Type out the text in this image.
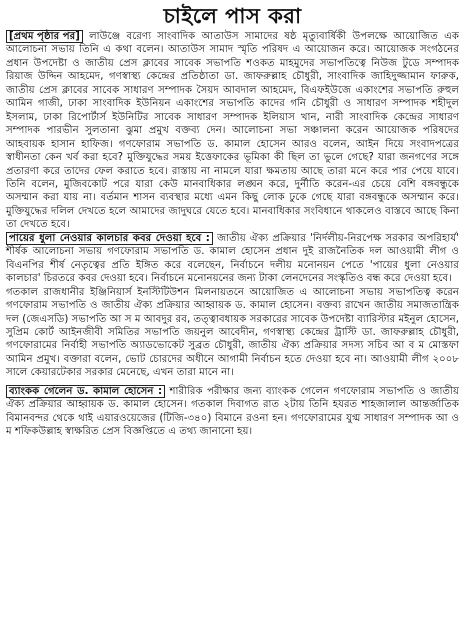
চাইলে পাস করা

[প্রথম পৃষ্ঠার পর] লাউঞ্জে বরেণ্য সাংবাদিক আতাউস সামাদের ষষ্ঠ মৃত্যুবার্ষিকী উপলক্ষে আয়োজিত এক আলোচনা সভায় তিনি এ কথা বলেন। আতাউস সামাদ স্মৃতি পরিষদ এ আয়োজন করে। আয়োজক সংগঠনের প্রধান উপদেষ্টা ও জাতীয় প্রেস ক্লাবের সাবেক সভাপতি শওকত মাহমুদের সভাপতিত্বে নিউজ টুডে সম্পাদক রিয়াজ উদ্দিন আহমেদ, গণস্বাস্থ্য কেন্দ্রের প্রতিষ্ঠাতা ডা. জাফরুল্লাহ চৌধুরী, সাংবাদিক জাহিদুজ্জামান ফারুক, জাতীয় প্রেস ক্লাবের সাবেক সাধারণ সম্পাদক সৈয়দ আবদাল আহমেদ, বিএফইউজে একাংশের সভাপতি রুহুল আমিন গাজী, ঢাকা সাংবাদিক ইউনিয়ন একাংশের সভাপতি কাদের গনি চৌধুরী ও সাধারণ সম্পাদক শহীদুল ইসলাম, ঢাকা রিপোর্টার্স ইউনিটির সাবেক সাধারণ সম্পাদক ইলিয়াস খান, নারী সাংবাদিক কেন্দ্রের সাধারণ সম্পাদক পারভীন সুলতানা ঝুমা প্রমুখ বক্তব্য দেন। আলোচনা সভা সঞ্চালনা করেন আয়োজক পরিষদের আহবায়ক হাসান হাফিজ। গণফোরাম সভাপতি ড. কামাল হোসেন আরও বলেন, আইন দিয়ে সংবাদপত্রের স্বাধীনতা কেন খর্ব করা হবে? মুক্তিযুদ্ধের সময় ইত্তেফাকের ভূমিকা কী ছিল তা ভুলে গেছে? যারা জনগণের সঙ্গে প্রতারণা করে তাদের ফেল করাতে হবে। রাস্তায় না নামলে যারা ক্ষমতায় আছে তারা মনে করে পার পেয়ে যাবে। তিনি বলেন, মুজিবকোট পরে যারা কেউ মানবাধিকার লঙ্ঘন করে, দুর্নীতি করেন-এর চেয়ে বেশি বঙ্গবন্ধুকে অসম্মান করা যায় না। বর্তমান শাসন ব্যবস্থার মধ্যে এমন কিছু লোক ঢুকে গেছে যারা বঙ্গবন্ধুকে অসম্মান করে। মুক্তিযুদ্ধের দলিল দেখতে হলে আমাদের জাদুঘরে যেতে হবে। মানবাধিকার সংবিধানে থাকলেও বাস্তবে আছে কিনা তা দেখতে হবে।

পায়ের ধুলা নেওয়ার কালচার কবর দেওয়া হবে : জাতীয় ঐক্য প্রক্রিয়ার 'নির্দলীয়-নিরপেক্ষ সরকার অপরিহার্য' শীর্ষক আলোচনা সভায় গণফোরাম সভাপতি ড. কামাল হোসেন প্রধান দুই রাজনৈতিক দল আওয়ামী লীগ ও বিএনপির শীর্ষ নেতৃত্বের প্রতি ইঙ্গিত করে বলেছেন, নির্বাচনে দলীয় মনোনয়ন পেতে 'পায়ের ধুলা নেওয়ার কালচার' চিরতরে কবর দেওয়া হবে। নির্বাচনে মনোনয়নের জন্য টাকা লেনদেনের সংস্কৃতিও বন্ধ করে দেওয়া হবে।

গতকাল রাজধানীর ইঞ্জিনিয়ার্স ইনস্টিটিউশন মিলনায়তনে আয়োজিত এ আলোচনা সভায় সভাপতিত্ব করেন গণফোরাম সভাপতি ও জাতীয় ঐক্য প্রক্রিয়ার আহ্বায়ক ড. কামাল হোসেন। বক্তব্য রাখেন জাতীয় সমাজতান্ত্রিক দল (জেএসডি) সভাপতি আ স ম আবদুর রব, তত্ত্বাবধায়ক সরকারের সাবেক উপদেষ্টা ব্যারিস্টার মইনুল হোসেন, সুপ্রিম কোর্ট আইনজীবী সমিতির সভাপতি জয়নুল আবেদীন, গণস্বাস্থ্য কেন্দ্রের ট্রাস্টি ডা. জাফরুল্লাহ চৌধুরী, গণফোরামের নির্বাহী সভাপতি অ্যাডভোকেট সুব্রত চৌধুরী, জাতীয় ঐক্য প্রক্রিয়ার সদস্য সচিব আ ব ম মোস্তফা আমিন প্রমুখ। বক্তারা বলেন, ভোট চোরদের অধীনে আগামী নির্বাচন হতে দেওয়া হবে না। আওয়ামী লীগ ২০০৮ সালে কেয়ারটেকার সরকার মেনেছে, এখন তারা মানে না।

ব্যাংকক গেলেন ড. কামাল হোসেন : শারীরিক পরীক্ষার জন্য ব্যাংকক গেলেন গণফোরাম সভাপতি ও জাতীয় ঐক্য প্রক্রিয়ার আহ্বায়ক ড. কামাল হোসেন। গতকাল দিবাগত রাত ২টায় তিনি হযরত শাহজালাল আন্তর্জাতিক বিমানবন্দর থেকে থাই এয়ারওয়েজের (টিজি-৩৪০) বিমানে রওনা হন। গণফোরামের যুগ্ম সাধারণ সম্পাদক আ ও ম শফিকউল্লাহ স্বাক্ষরিত প্রেস বিজ্ঞপ্তিতে এ তথ্য জানানো হয়।
